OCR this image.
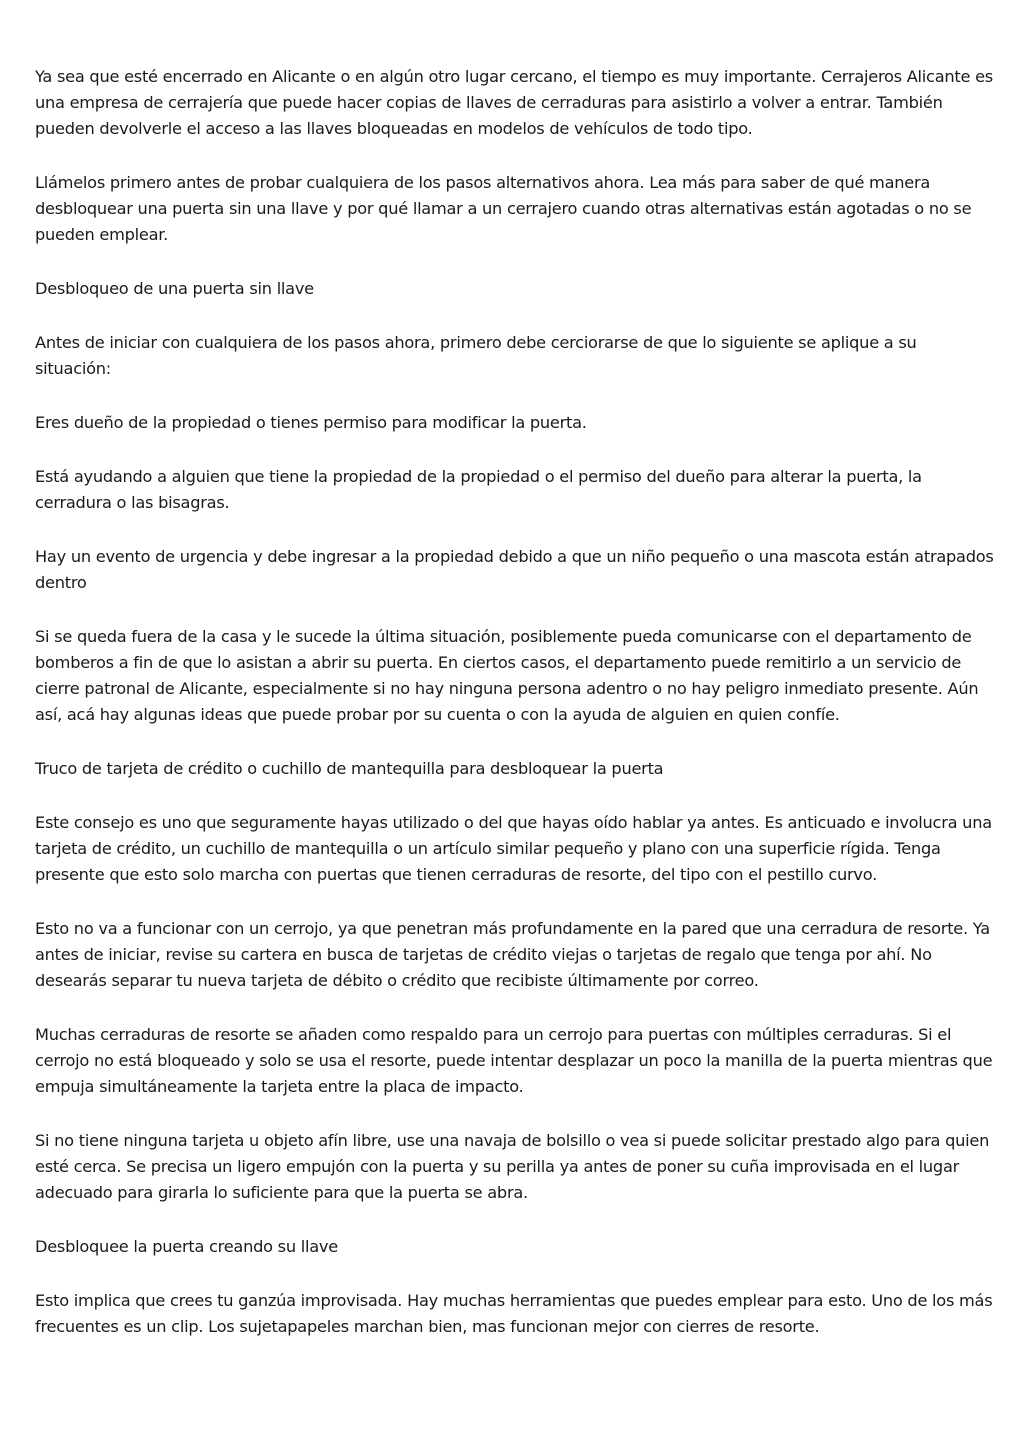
Ya sea que esté encerrado en Alicante o en algún otro lugar cercano, el tiempo es muy importante. Cerrajeros Alicante es una empresa de cerrajería que puede hacer copias de llaves de cerraduras para asistirlo a volver a entrar. También pueden devolverle el acceso a las llaves bloqueadas en modelos de vehículos de todo tipo.

Llámelos primero antes de probar cualquiera de los pasos alternativos ahora. Lea más para saber de qué manera desbloquear una puerta sin una llave y por qué llamar a un cerrajero cuando otras alternativas están agotadas o no se pueden emplear.

Desbloqueo de una puerta sin llave

Antes de iniciar con cualquiera de los pasos ahora, primero debe cerciorarse de que lo siguiente se aplique a su situación:

Eres dueño de la propiedad o tienes permiso para modificar la puerta.

Está ayudando a alguien que tiene la propiedad de la propiedad o el permiso del dueño para alterar la puerta, la cerradura o las bisagras.

Hay un evento de urgencia y debe ingresar a la propiedad debido a que un niño pequeño o una mascota están atrapados dentro

Si se queda fuera de la casa y le sucede la última situación, posiblemente pueda comunicarse con el departamento de bomberos a fin de que lo asistan a abrir su puerta. En ciertos casos, el departamento puede remitirlo a un servicio de cierre patronal de Alicante, especialmente si no hay ninguna persona adentro o no hay peligro inmediato presente. Aún así, acá hay algunas ideas que puede probar por su cuenta o con la ayuda de alguien en quien confíe.

Truco de tarjeta de crédito o cuchillo de mantequilla para desbloquear la puerta

Este consejo es uno que seguramente hayas utilizado o del que hayas oído hablar ya antes. Es anticuado e involucra una tarjeta de crédito, un cuchillo de mantequilla o un artículo similar pequeño y plano con una superficie rígida. Tenga presente que esto solo marcha con puertas que tienen cerraduras de resorte, del tipo con el pestillo curvo.

Esto no va a funcionar con un cerrojo, ya que penetran más profundamente en la pared que una cerradura de resorte. Ya antes de iniciar, revise su cartera en busca de tarjetas de crédito viejas o tarjetas de regalo que tenga por ahí. No desearás separar tu nueva tarjeta de débito o crédito que recibiste últimamente por correo.

Muchas cerraduras de resorte se añaden como respaldo para un cerrojo para puertas con múltiples cerraduras. Si el cerrojo no está bloqueado y solo se usa el resorte, puede intentar desplazar un poco la manilla de la puerta mientras que empuja simultáneamente la tarjeta entre la placa de impacto.

Si no tiene ninguna tarjeta u objeto afín libre, use una navaja de bolsillo o vea si puede solicitar prestado algo para quien esté cerca. Se precisa un ligero empujón con la puerta y su perilla ya antes de poner su cuña improvisada en el lugar adecuado para girarla lo suficiente para que la puerta se abra.

Desbloquee la puerta creando su llave

Esto implica que crees tu ganzúa improvisada. Hay muchas herramientas que puedes emplear para esto. Uno de los más frecuentes es un clip. Los sujetapapeles marchan bien, mas funcionan mejor con cierres de resorte.
